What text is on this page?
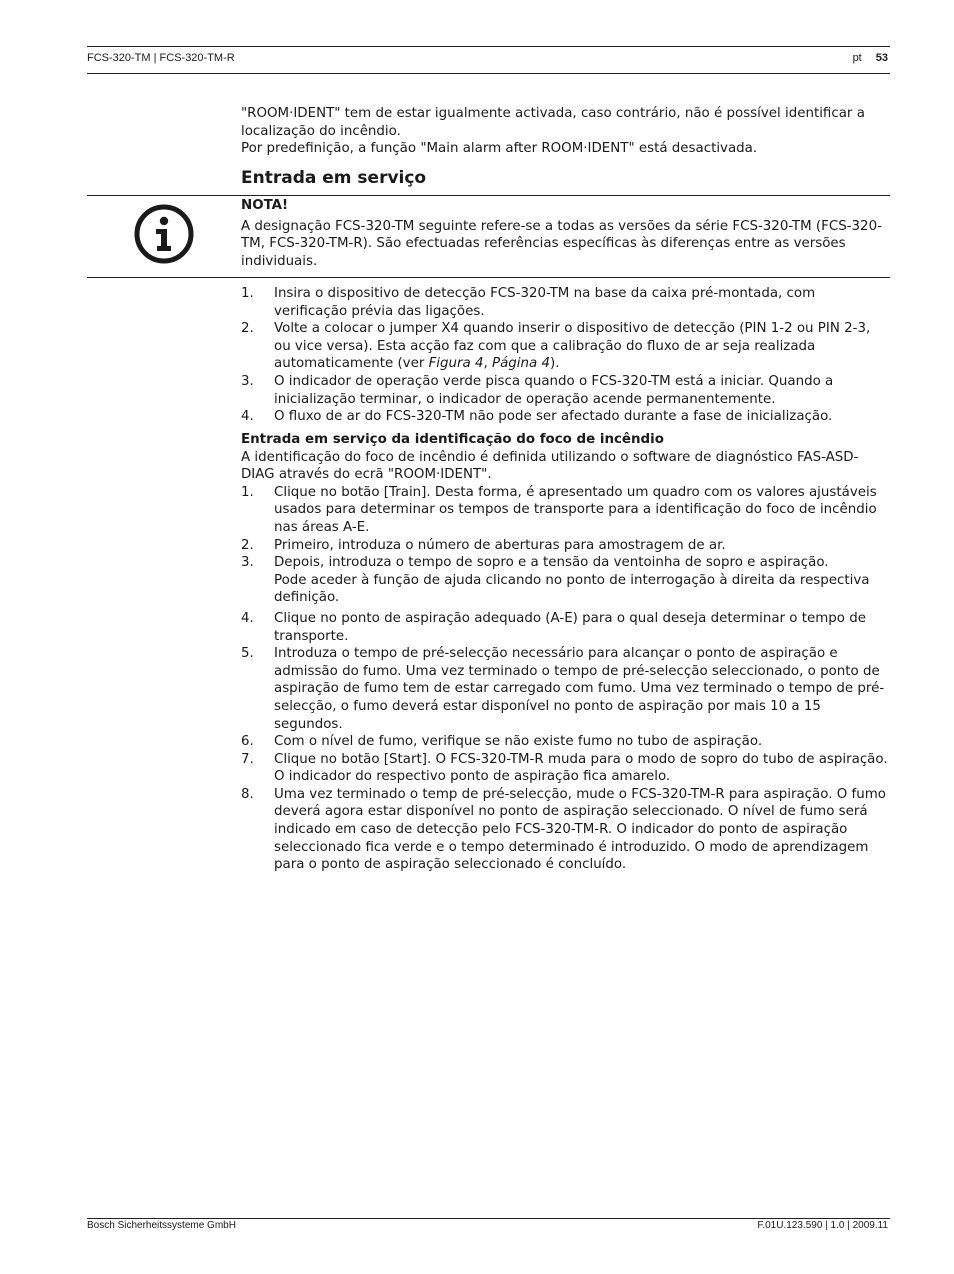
FCS-320-TM | FCS-320-TM-R	pt 53

"ROOM·IDENT" tem de estar igualmente activada, caso contrário, não é possível identificar a localização do incêndio.

Por predefinição, a função "Main alarm after ROOM·IDENT" está desactivada.

Entrada em serviço

NOTA!

A designação FCS-320-TM seguinte refere-se a todas as versões da série FCS-320-TM (FCS-320-TM, FCS-320-TM-R). São efectuadas referências específicas às diferenças entre as versões individuais.

1. Insira o dispositivo de detecção FCS-320-TM na base da caixa pré-montada, com verificação prévia das ligações.
2. Volte a colocar o jumper X4 quando inserir o dispositivo de detecção (PIN 1-2 ou PIN 2-3, ou vice versa). Esta acção faz com que a calibração do fluxo de ar seja realizada automaticamente (ver Figura 4, Página 4).
3. O indicador de operação verde pisca quando o FCS-320-TM está a iniciar. Quando a inicialização terminar, o indicador de operação acende permanentemente.
4. O fluxo de ar do FCS-320-TM não pode ser afectado durante a fase de inicialização.

Entrada em serviço da identificação do foco de incêndio

A identificação do foco de incêndio é definida utilizando o software de diagnóstico FAS-ASD-DIAG através do ecrã "ROOM·IDENT".

1. Clique no botão [Train]. Desta forma, é apresentado um quadro com os valores ajustáveis usados para determinar os tempos de transporte para a identificação do foco de incêndio nas áreas A-E.
2. Primeiro, introduza o número de aberturas para amostragem de ar.
3. Depois, introduza o tempo de sopro e a tensão da ventoinha de sopro e aspiração.
Pode aceder à função de ajuda clicando no ponto de interrogação à direita da respectiva definição.
4. Clique no ponto de aspiração adequado (A-E) para o qual deseja determinar o tempo de transporte.
5. Introduza o tempo de pré-selecção necessário para alcançar o ponto de aspiração e admissão do fumo. Uma vez terminado o tempo de pré-selecção seleccionado, o ponto de aspiração de fumo tem de estar carregado com fumo. Uma vez terminado o tempo de pré-selecção, o fumo deverá estar disponível no ponto de aspiração por mais 10 a 15 segundos.
6. Com o nível de fumo, verifique se não existe fumo no tubo de aspiração.
7. Clique no botão [Start]. O FCS-320-TM-R muda para o modo de sopro do tubo de aspiração. O indicador do respectivo ponto de aspiração fica amarelo.
8. Uma vez terminado o temp de pré-selecção, mude o FCS-320-TM-R para aspiração. O fumo deverá agora estar disponível no ponto de aspiração seleccionado. O nível de fumo será indicado em caso de detecção pelo FCS-320-TM-R. O indicador do ponto de aspiração seleccionado fica verde e o tempo determinado é introduzido. O modo de aprendizagem para o ponto de aspiração seleccionado é concluído.
Bosch Sicherheitssysteme GmbH	F.01U.123.590 | 1.0 | 2009.11
